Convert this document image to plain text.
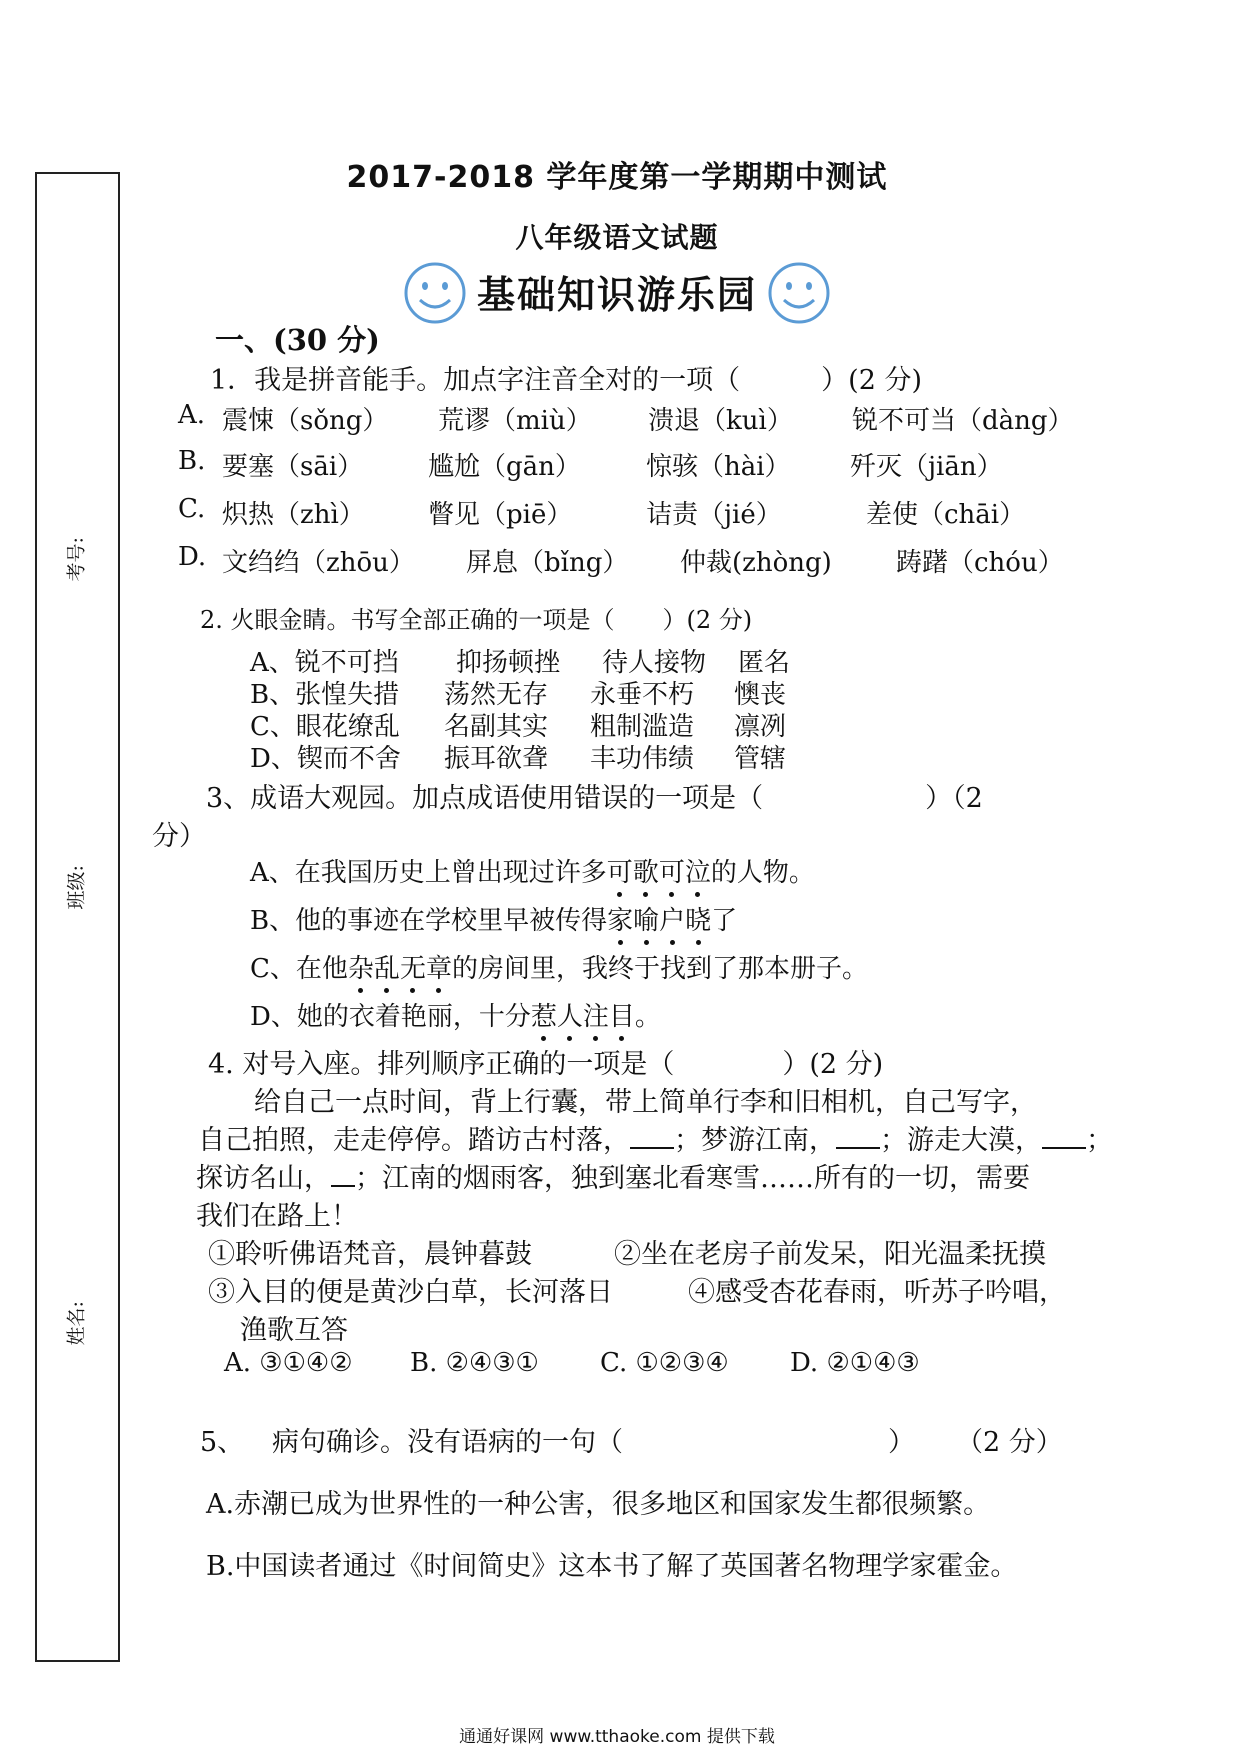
考号:
班级:
姓名:
2017-2018 学年度第一学期期中测试
八年级语文试题
基础知识游乐园
一、(30 分)
1．我是拼音能手。加点字注音全对的一项（　　　）(2 分)
A. 震悚（sǒng） 荒谬（miù） 溃退（kuì） 锐不可当（dàng）
B. 要塞（sāi） 尴尬（gān）	惊骇（hài） 歼灭（jiān）
C. 炽热（zhì） 瞥见（piē）	诘责（jié）	差使（chāi）
D. 文绉绉（zhōu） 屏息（bǐng） 仲裁(zhòng) 踌躇（chóu）
2. 火眼金睛。书写全部正确的一项是（　　）(2 分)
A、锐不可挡 抑扬顿挫 待人接物 匿名
B、张惶失措 荡然无存 永垂不朽 懊丧
C、眼花缭乱 名副其实 粗制滥造 凛冽
D、锲而不舍 振耳欲聋 丰功伟绩 管辖
3、成语大观园。加点成语使用错误的一项是（　　　　　　）（2
分）
A、在我国历史上曾出现过许多可歌可泣的人物。
B、他的事迹在学校里早被传得家喻户晓了
C、在他杂乱无章的房间里，我终于找到了那本册子。
D、她的衣着艳丽，十分惹人注目。
4. 对号入座。排列顺序正确的一项是（　　　　）(2 分)
给自己一点时间，背上行囊，带上简单行李和旧相机，自己写字，
自己拍照，走走停停。踏访古村落， ；梦游江南， ；游走大漠， ；
探访名山， ；江南的烟雨客，独到塞北看寒雪……所有的一切，需要
我们在路上！
①聆听佛语梵音，晨钟暮鼓	②坐在老房子前发呆，阳光温柔抚摸
③入目的便是黄沙白草，长河落日	④感受杏花春雨，听苏子吟唱，
渔歌互答
A. ③①④② B. ②④③① C. ①②③④ D. ②①④③
5、 病句确诊。没有语病的一句（	） （2 分）
A.赤潮已成为世界性的一种公害，很多地区和国家发生都很频繁。
B.中国读者通过《时间简史》这本书了解了英国著名物理学家霍金。
通通好课网 www.tthaoke.com 提供下载
